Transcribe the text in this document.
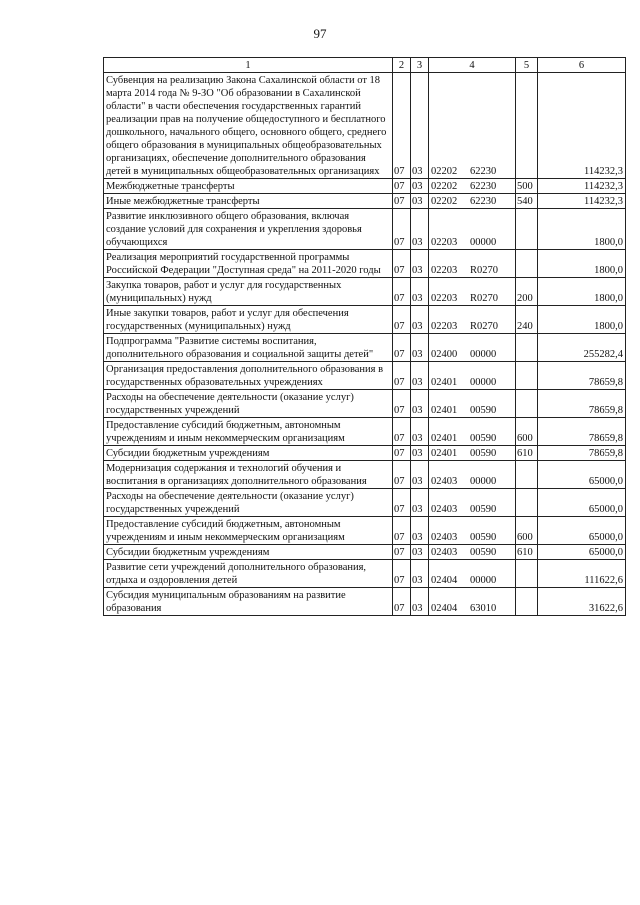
97
1	2	3	4	5	6

Субвенция на реализацию Закона Сахалинской области от 18 марта 2014 года № 9-ЗО "Об образовании в Сахалинской области" в части обеспечения государственных гарантий реализации прав на получение общедоступного и бесплатного дошкольного, начального общего, основного общего, среднего общего образования в муниципальных общеобразовательных организациях, обеспечение дополнительного образования детей в муниципальных общеобразовательных организациях	07	03	02202 62230		114232,3

Межбюджетные трансферты	07	03	02202 62230	500	114232,3

Иные межбюджетные трансферты	07	03	02202 62230	540	114232,3

Развитие инклюзивного общего образования, включая создание условий для сохранения и укрепления здоровья обучающихся	07	03	02203 00000		1800,0

Реализация мероприятий государственной программы Российской Федерации "Доступная среда" на 2011-2020 годы	07	03	02203 R0270		1800,0

Закупка товаров, работ и услуг для государственных (муниципальных) нужд	07	03	02203 R0270	200	1800,0

Иные закупки товаров, работ и услуг для обеспечения государственных (муниципальных) нужд	07	03	02203 R0270	240	1800,0

Подпрограмма "Развитие системы воспитания, дополнительного образования и социальной защиты детей"	07	03	02400 00000		255282,4

Организация предоставления дополнительного образования в государственных образовательных учреждениях	07	03	02401 00000		78659,8

Расходы на обеспечение деятельности (оказание услуг) государственных учреждений	07	03	02401 00590		78659,8

Предоставление субсидий бюджетным, автономным учреждениям и иным некоммерческим организациям	07	03	02401 00590	600	78659,8

Субсидии бюджетным учреждениям	07	03	02401 00590	610	78659,8

Модернизация содержания и технологий обучения и воспитания в организациях дополнительного образования	07	03	02403 00000		65000,0

Расходы на обеспечение деятельности (оказание услуг) государственных учреждений	07	03	02403 00590		65000,0

Предоставление субсидий бюджетным, автономным учреждениям и иным некоммерческим организациям	07	03	02403 00590	600	65000,0

Субсидии бюджетным учреждениям	07	03	02403 00590	610	65000,0

Развитие сети учреждений дополнительного образования, отдыха и оздоровления детей	07	03	02404 00000		111622,6

Субсидия муниципальным образованиям на развитие образования	07	03	02404 63010		31622,6
